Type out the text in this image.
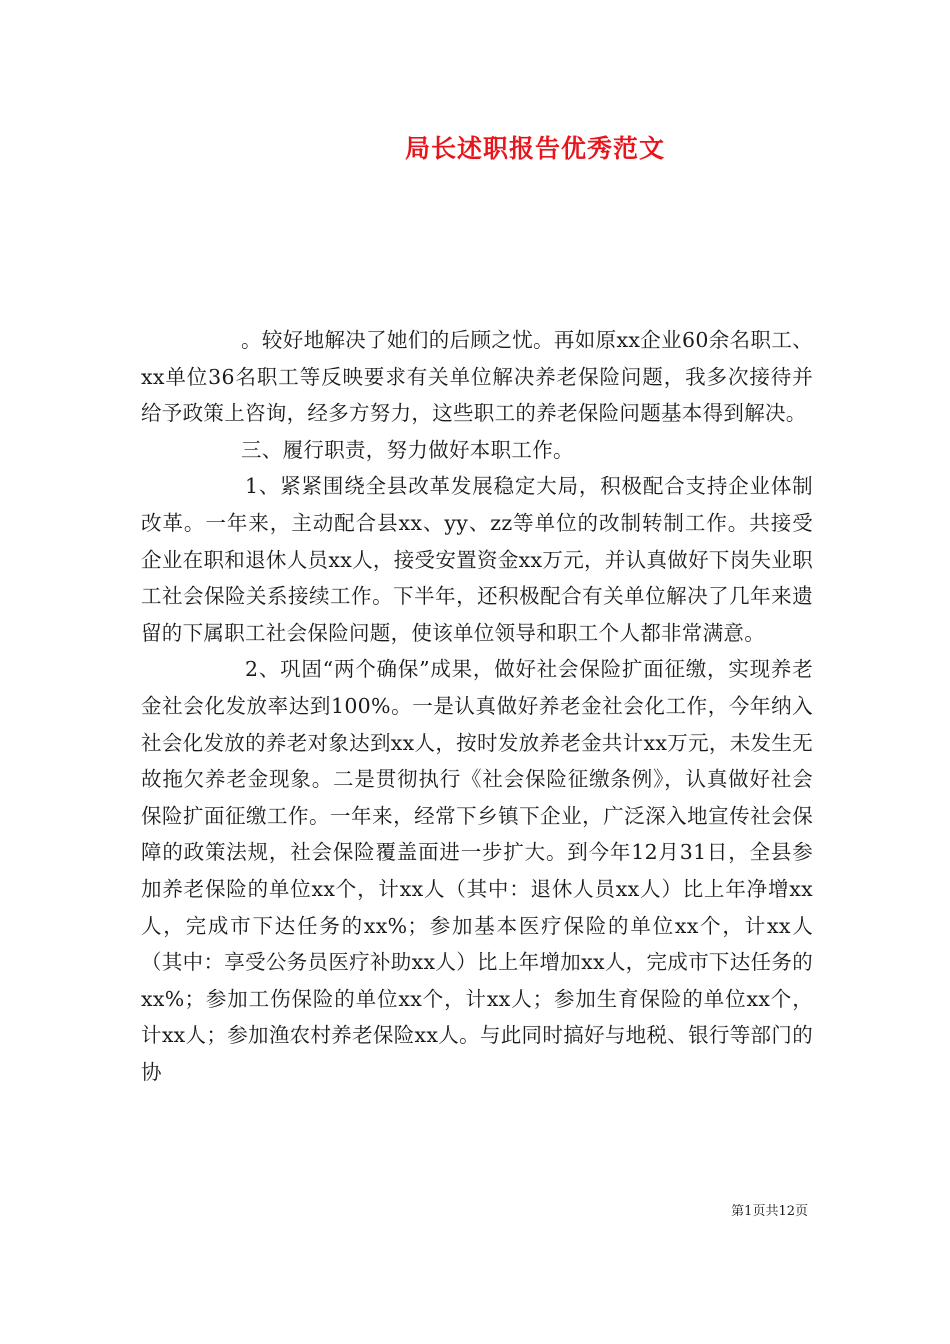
局长述职报告优秀范文

。较好地解决了她们的后顾之忧。再如原xx企业60余名职工、xx单位36名职工等反映要求有关单位解决养老保险问题，我多次接待并给予政策上咨询，经多方努力，这些职工的养老保险问题基本得到解决。

三、履行职责，努力做好本职工作。

1、紧紧围绕全县改革发展稳定大局，积极配合支持企业体制改革。一年来，主动配合县xx、yy、zz等单位的改制转制工作。共接受企业在职和退休人员xx人，接受安置资金xx万元，并认真做好下岗失业职工社会保险关系接续工作。下半年，还积极配合有关单位解决了几年来遗留的下属职工社会保险问题，使该单位领导和职工个人都非常满意。

2、巩固“两个确保”成果，做好社会保险扩面征缴，实现养老金社会化发放率达到100%。一是认真做好养老金社会化工作，今年纳入社会化发放的养老对象达到xx人，按时发放养老金共计xx万元，未发生无故拖欠养老金现象。二是贯彻执行《社会保险征缴条例》，认真做好社会保险扩面征缴工作。一年来，经常下乡镇下企业，广泛深入地宣传社会保障的政策法规，社会保险覆盖面进一步扩大。到今年12月31日，全县参加养老保险的单位xx个，计xx人（其中：退休人员xx人）比上年净增xx人，完成市下达任务的xx%；参加基本医疗保险的单位xx个，计xx人（其中：享受公务员医疗补助xx人）比上年增加xx人，完成市下达任务的xx%；参加工伤保险的单位xx个，计xx人；参加生育保险的单位xx个，计xx人；参加渔农村养老保险xx人。与此同时搞好与地税、银行等部门的协

第1页共12页
